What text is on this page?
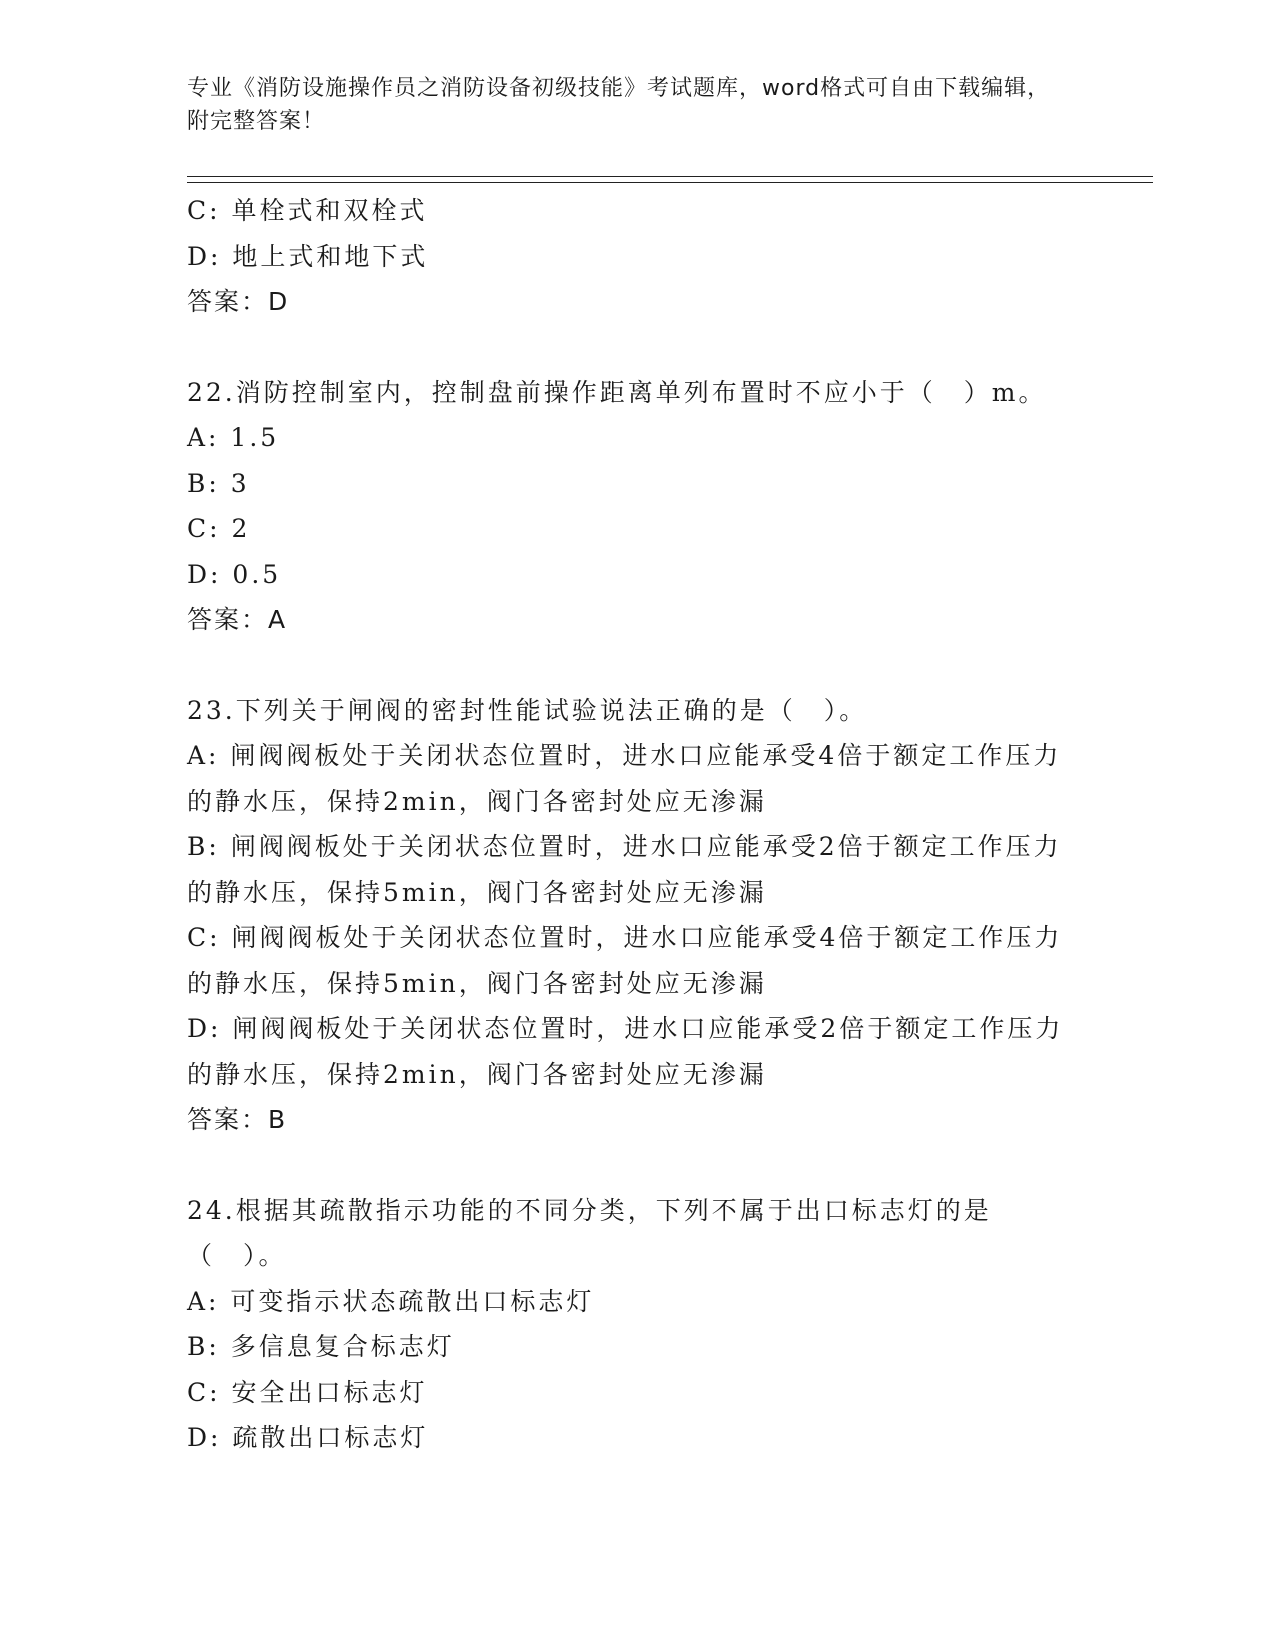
专业《消防设施操作员之消防设备初级技能》考试题库，word格式可自由下载编辑，附完整答案！

C: 单栓式和双栓式

D: 地上式和地下式

答案：D

22.消防控制室内，控制盘前操作距离单列布置时不应小于（　）m。

A: 1.5

B: 3

C: 2

D: 0.5

答案：A

23.下列关于闸阀的密封性能试验说法正确的是（　）。

A: 闸阀阀板处于关闭状态位置时，进水口应能承受4倍于额定工作压力的静水压，保持2min，阀门各密封处应无渗漏

B: 闸阀阀板处于关闭状态位置时，进水口应能承受2倍于额定工作压力的静水压，保持5min，阀门各密封处应无渗漏

C: 闸阀阀板处于关闭状态位置时，进水口应能承受4倍于额定工作压力的静水压，保持5min，阀门各密封处应无渗漏

D: 闸阀阀板处于关闭状态位置时，进水口应能承受2倍于额定工作压力的静水压，保持2min，阀门各密封处应无渗漏

答案：B

24.根据其疏散指示功能的不同分类，下列不属于出口标志灯的是（　）。

A: 可变指示状态疏散出口标志灯

B: 多信息复合标志灯

C: 安全出口标志灯

D: 疏散出口标志灯
